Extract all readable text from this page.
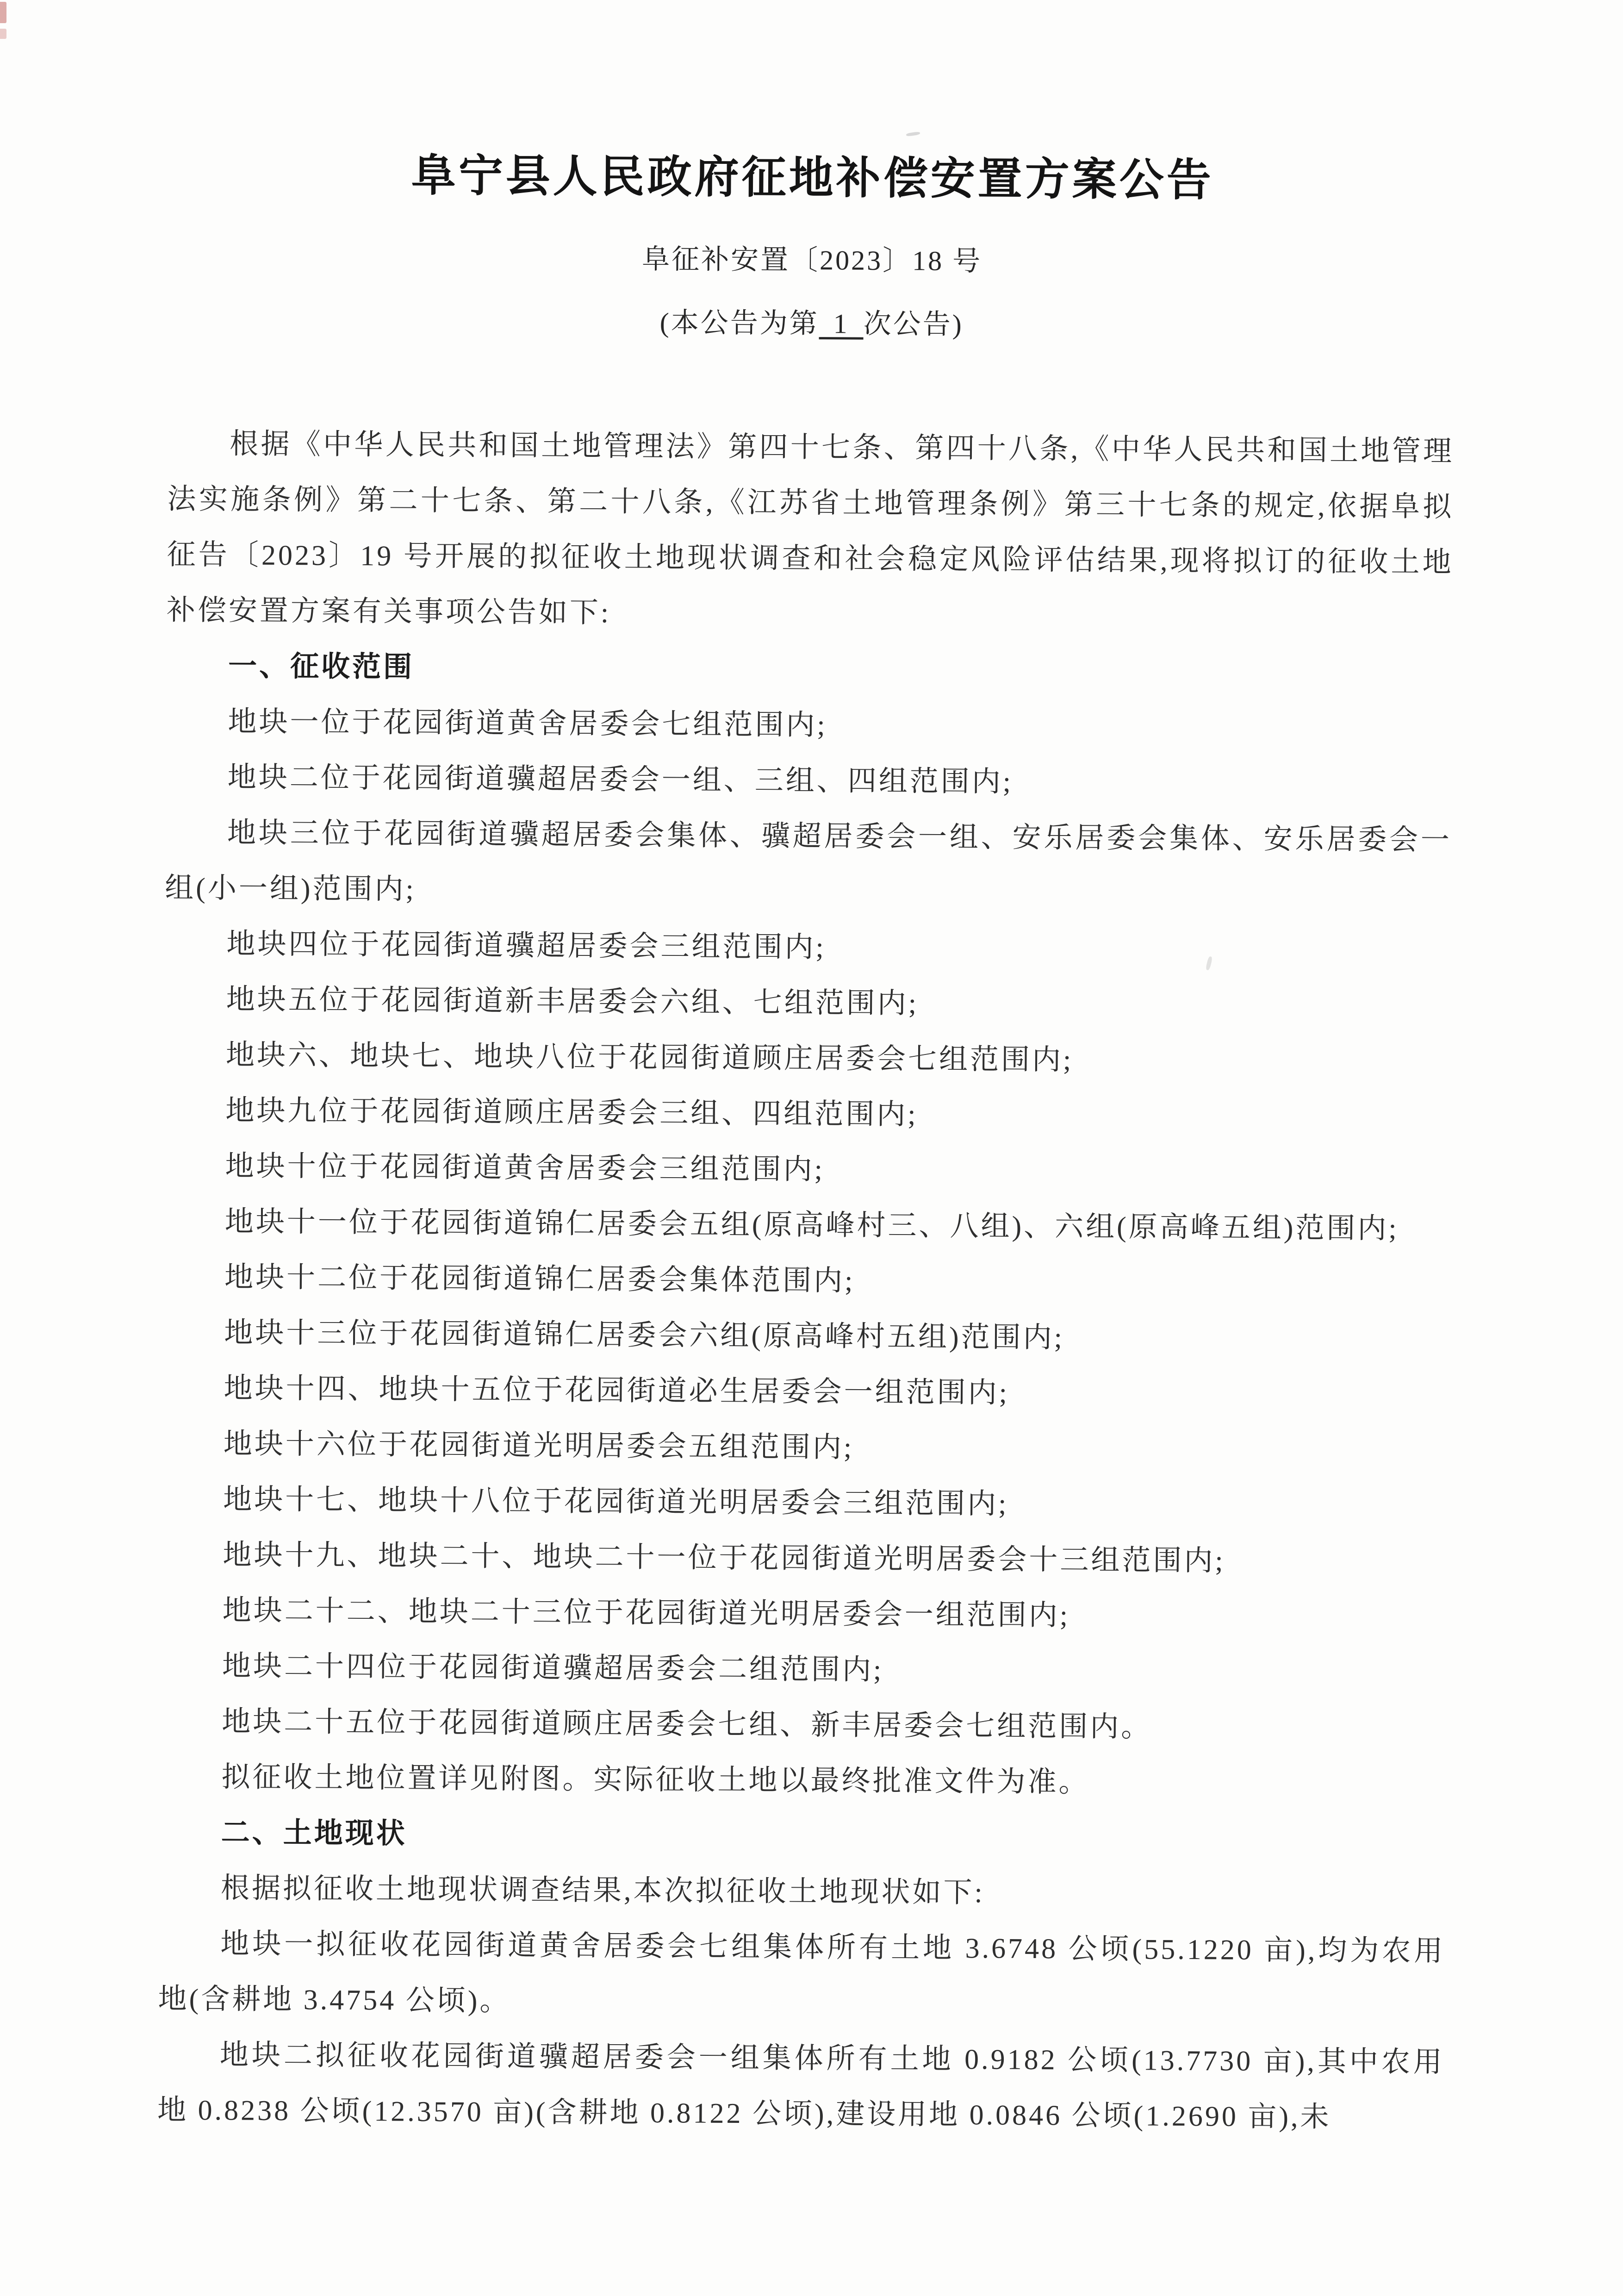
阜宁县人民政府征地补偿安置方案公告

阜征补安置〔2023〕18 号

(本公告为第 1 次公告)

根据《中华人民共和国土地管理法》第四十七条、第四十八条,《中华人民共和国土地管理法实施条例》第二十七条、第二十八条,《江苏省土地管理条例》第三十七条的规定,依据阜拟征告〔2023〕19 号开展的拟征收土地现状调查和社会稳定风险评估结果,现将拟订的征收土地补偿安置方案有关事项公告如下:

一、征收范围

地块一位于花园街道黄舍居委会七组范围内;

地块二位于花园街道骥超居委会一组、三组、四组范围内;

地块三位于花园街道骥超居委会集体、骥超居委会一组、安乐居委会集体、安乐居委会一组(小一组)范围内;

地块四位于花园街道骥超居委会三组范围内;

地块五位于花园街道新丰居委会六组、七组范围内;

地块六、地块七、地块八位于花园街道顾庄居委会七组范围内;

地块九位于花园街道顾庄居委会三组、四组范围内;

地块十位于花园街道黄舍居委会三组范围内;

地块十一位于花园街道锦仁居委会五组(原高峰村三、八组)、六组(原高峰五组)范围内;

地块十二位于花园街道锦仁居委会集体范围内;

地块十三位于花园街道锦仁居委会六组(原高峰村五组)范围内;

地块十四、地块十五位于花园街道必生居委会一组范围内;

地块十六位于花园街道光明居委会五组范围内;

地块十七、地块十八位于花园街道光明居委会三组范围内;

地块十九、地块二十、地块二十一位于花园街道光明居委会十三组范围内;

地块二十二、地块二十三位于花园街道光明居委会一组范围内;

地块二十四位于花园街道骥超居委会二组范围内;

地块二十五位于花园街道顾庄居委会七组、新丰居委会七组范围内。

拟征收土地位置详见附图。实际征收土地以最终批准文件为准。

二、土地现状

根据拟征收土地现状调查结果,本次拟征收土地现状如下:

地块一拟征收花园街道黄舍居委会七组集体所有土地 3.6748 公顷(55.1220 亩),均为农用地(含耕地 3.4754 公顷)。

地块二拟征收花园街道骥超居委会一组集体所有土地 0.9182 公顷(13.7730 亩),其中农用地 0.8238 公顷(12.3570 亩)(含耕地 0.8122 公顷),建设用地 0.0846 公顷(1.2690 亩),未
